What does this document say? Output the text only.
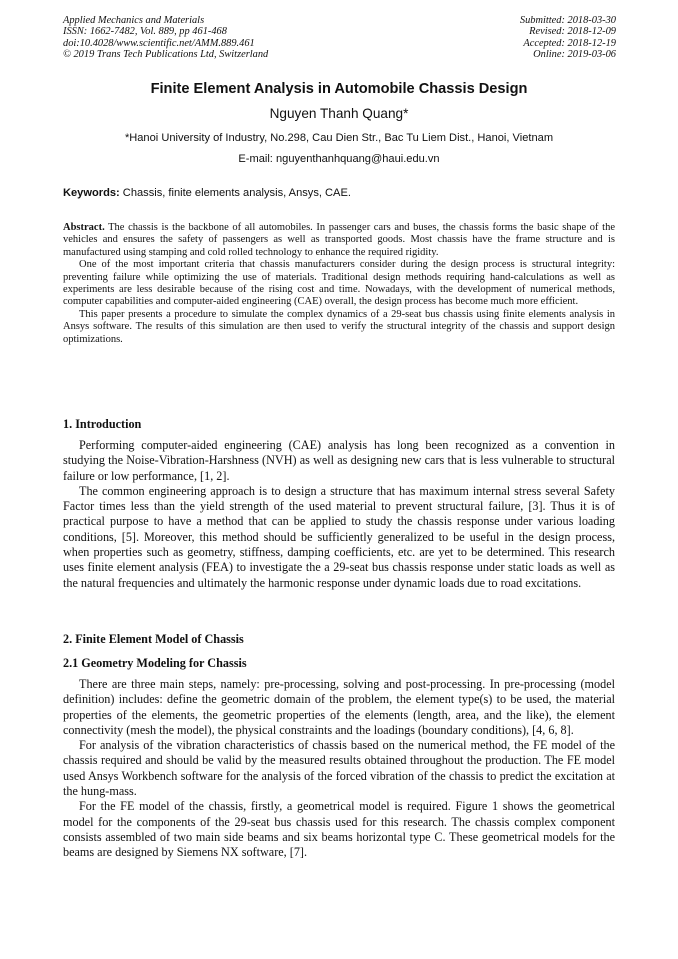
Applied Mechanics and Materials
ISSN: 1662-7482, Vol. 889, pp 461-468
doi:10.4028/www.scientific.net/AMM.889.461
© 2019 Trans Tech Publications Ltd, Switzerland
Submitted: 2018-03-30
Revised: 2018-12-09
Accepted: 2018-12-19
Online: 2019-03-06
Finite Element Analysis in Automobile Chassis Design
Nguyen Thanh Quang*
*Hanoi University of Industry, No.298, Cau Dien Str., Bac Tu Liem Dist., Hanoi, Vietnam
E-mail: nguyenthanhquang@haui.edu.vn
Keywords: Chassis, finite elements analysis, Ansys, CAE.

Abstract. The chassis is the backbone of all automobiles. In passenger cars and buses, the chassis forms the basic shape of the vehicles and ensures the safety of passengers as well as transported goods. Most chassis have the frame structure and is manufactured using stamping and cold rolled technology to enhance the required rigidity.

One of the most important criteria that chassis manufacturers consider during the design process is structural integrity: preventing failure while optimizing the use of materials. Traditional design methods requiring hand-calculations as well as experiments are less desirable because of the rising cost and time. Nowadays, with the development of numerical methods, computer capabilities and computer-aided engineering (CAE) overall, the design process has become much more efficient.

This paper presents a procedure to simulate the complex dynamics of a 29-seat bus chassis using finite elements analysis in Ansys software. The results of this simulation are then used to verify the structural integrity of the chassis and support design optimizations.

1. Introduction

Performing computer-aided engineering (CAE) analysis has long been recognized as a convention in studying the Noise-Vibration-Harshness (NVH) as well as designing new cars that is less vulnerable to structural failure or low performance, [1, 2].

The common engineering approach is to design a structure that has maximum internal stress several Safety Factor times less than the yield strength of the used material to prevent structural failure, [3]. Thus it is of practical purpose to have a method that can be applied to study the chassis response under various loading conditions, [5]. Moreover, this method should be sufficiently generalized to be useful in the design process, when properties such as geometry, stiffness, damping coefficients, etc. are yet to be determined. This research uses finite element analysis (FEA) to investigate the a 29-seat bus chassis response under static loads as well as the natural frequencies and ultimately the harmonic response under dynamic loads due to road excitations.

2. Finite Element Model of Chassis
2.1 Geometry Modeling for Chassis

There are three main steps, namely: pre-processing, solving and post-processing. In pre-processing (model definition) includes: define the geometric domain of the problem, the element type(s) to be used, the material properties of the elements, the geometric properties of the elements (length, area, and the like), the element connectivity (mesh the model), the physical constraints and the loadings (boundary conditions), [4, 6, 8].

For analysis of the vibration characteristics of chassis based on the numerical method, the FE model of the chassis required and should be valid by the measured results obtained throughout the production. The FE model used Ansys Workbench software for the analysis of the forced vibration of the chassis to predict the excitation at the hung-mass.

For the FE model of the chassis, firstly, a geometrical model is required. Figure 1 shows the geometrical model for the components of the 29-seat bus chassis used for this research. The chassis complex component consists assembled of two main side beams and six beams horizontal type C. These geometrical models for the beams are designed by Siemens NX software, [7].
